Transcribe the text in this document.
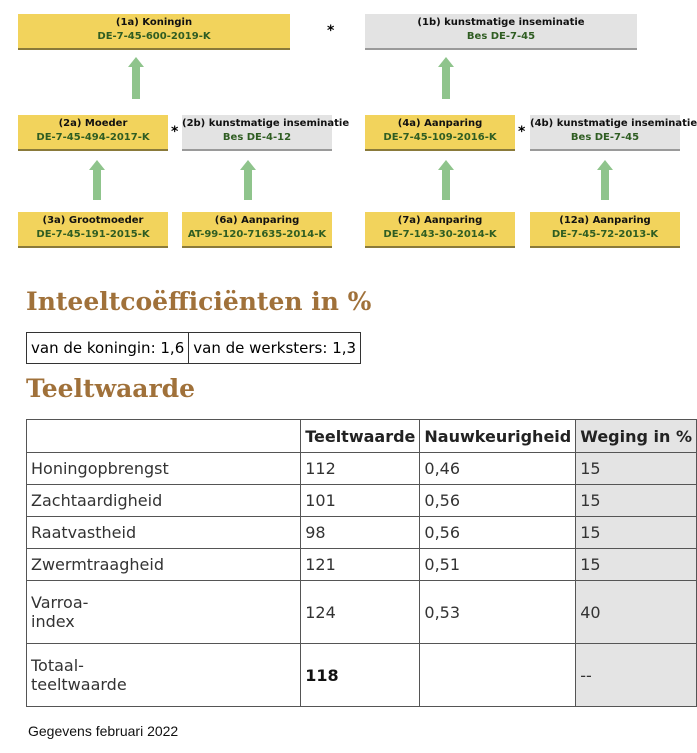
(1a) Koningin
DE-7-45-600-2019-K	*
(1b) kunstmatige inseminatie
Bes DE-7-45
(2a) Moeder
DE-7-45-494-2017-K	*
(2b) kunstmatige inseminatie
Bes DE-4-12
(4a) Aanparing
DE-7-45-109-2016-K	*
(4b) kunstmatige inseminatie
Bes DE-7-45
(3a) Grootmoeder
DE-7-45-191-2015-K
(6a) Aanparing
AT-99-120-71635-2014-K
(7a) Aanparing
DE-7-143-30-2014-K
(12a) Aanparing
DE-7-45-72-2013-K
Inteeltcoëfficiënten in %
van de koningin: 1,6 van de werksters: 1,3
Teeltwaarde
	Teeltwaarde	Nauwkeurigheid	Weging in %
Honingopbrengst	112	0,46	15
Zachtaardigheid	101	0,56	15
Raatvastheid	98	0,56	15
Zwermtraagheid	121	0,51	15
Varroa-
index	124	0,53	40
Totaal-
teeltwaarde	118		--
Gegevens februari 2022
